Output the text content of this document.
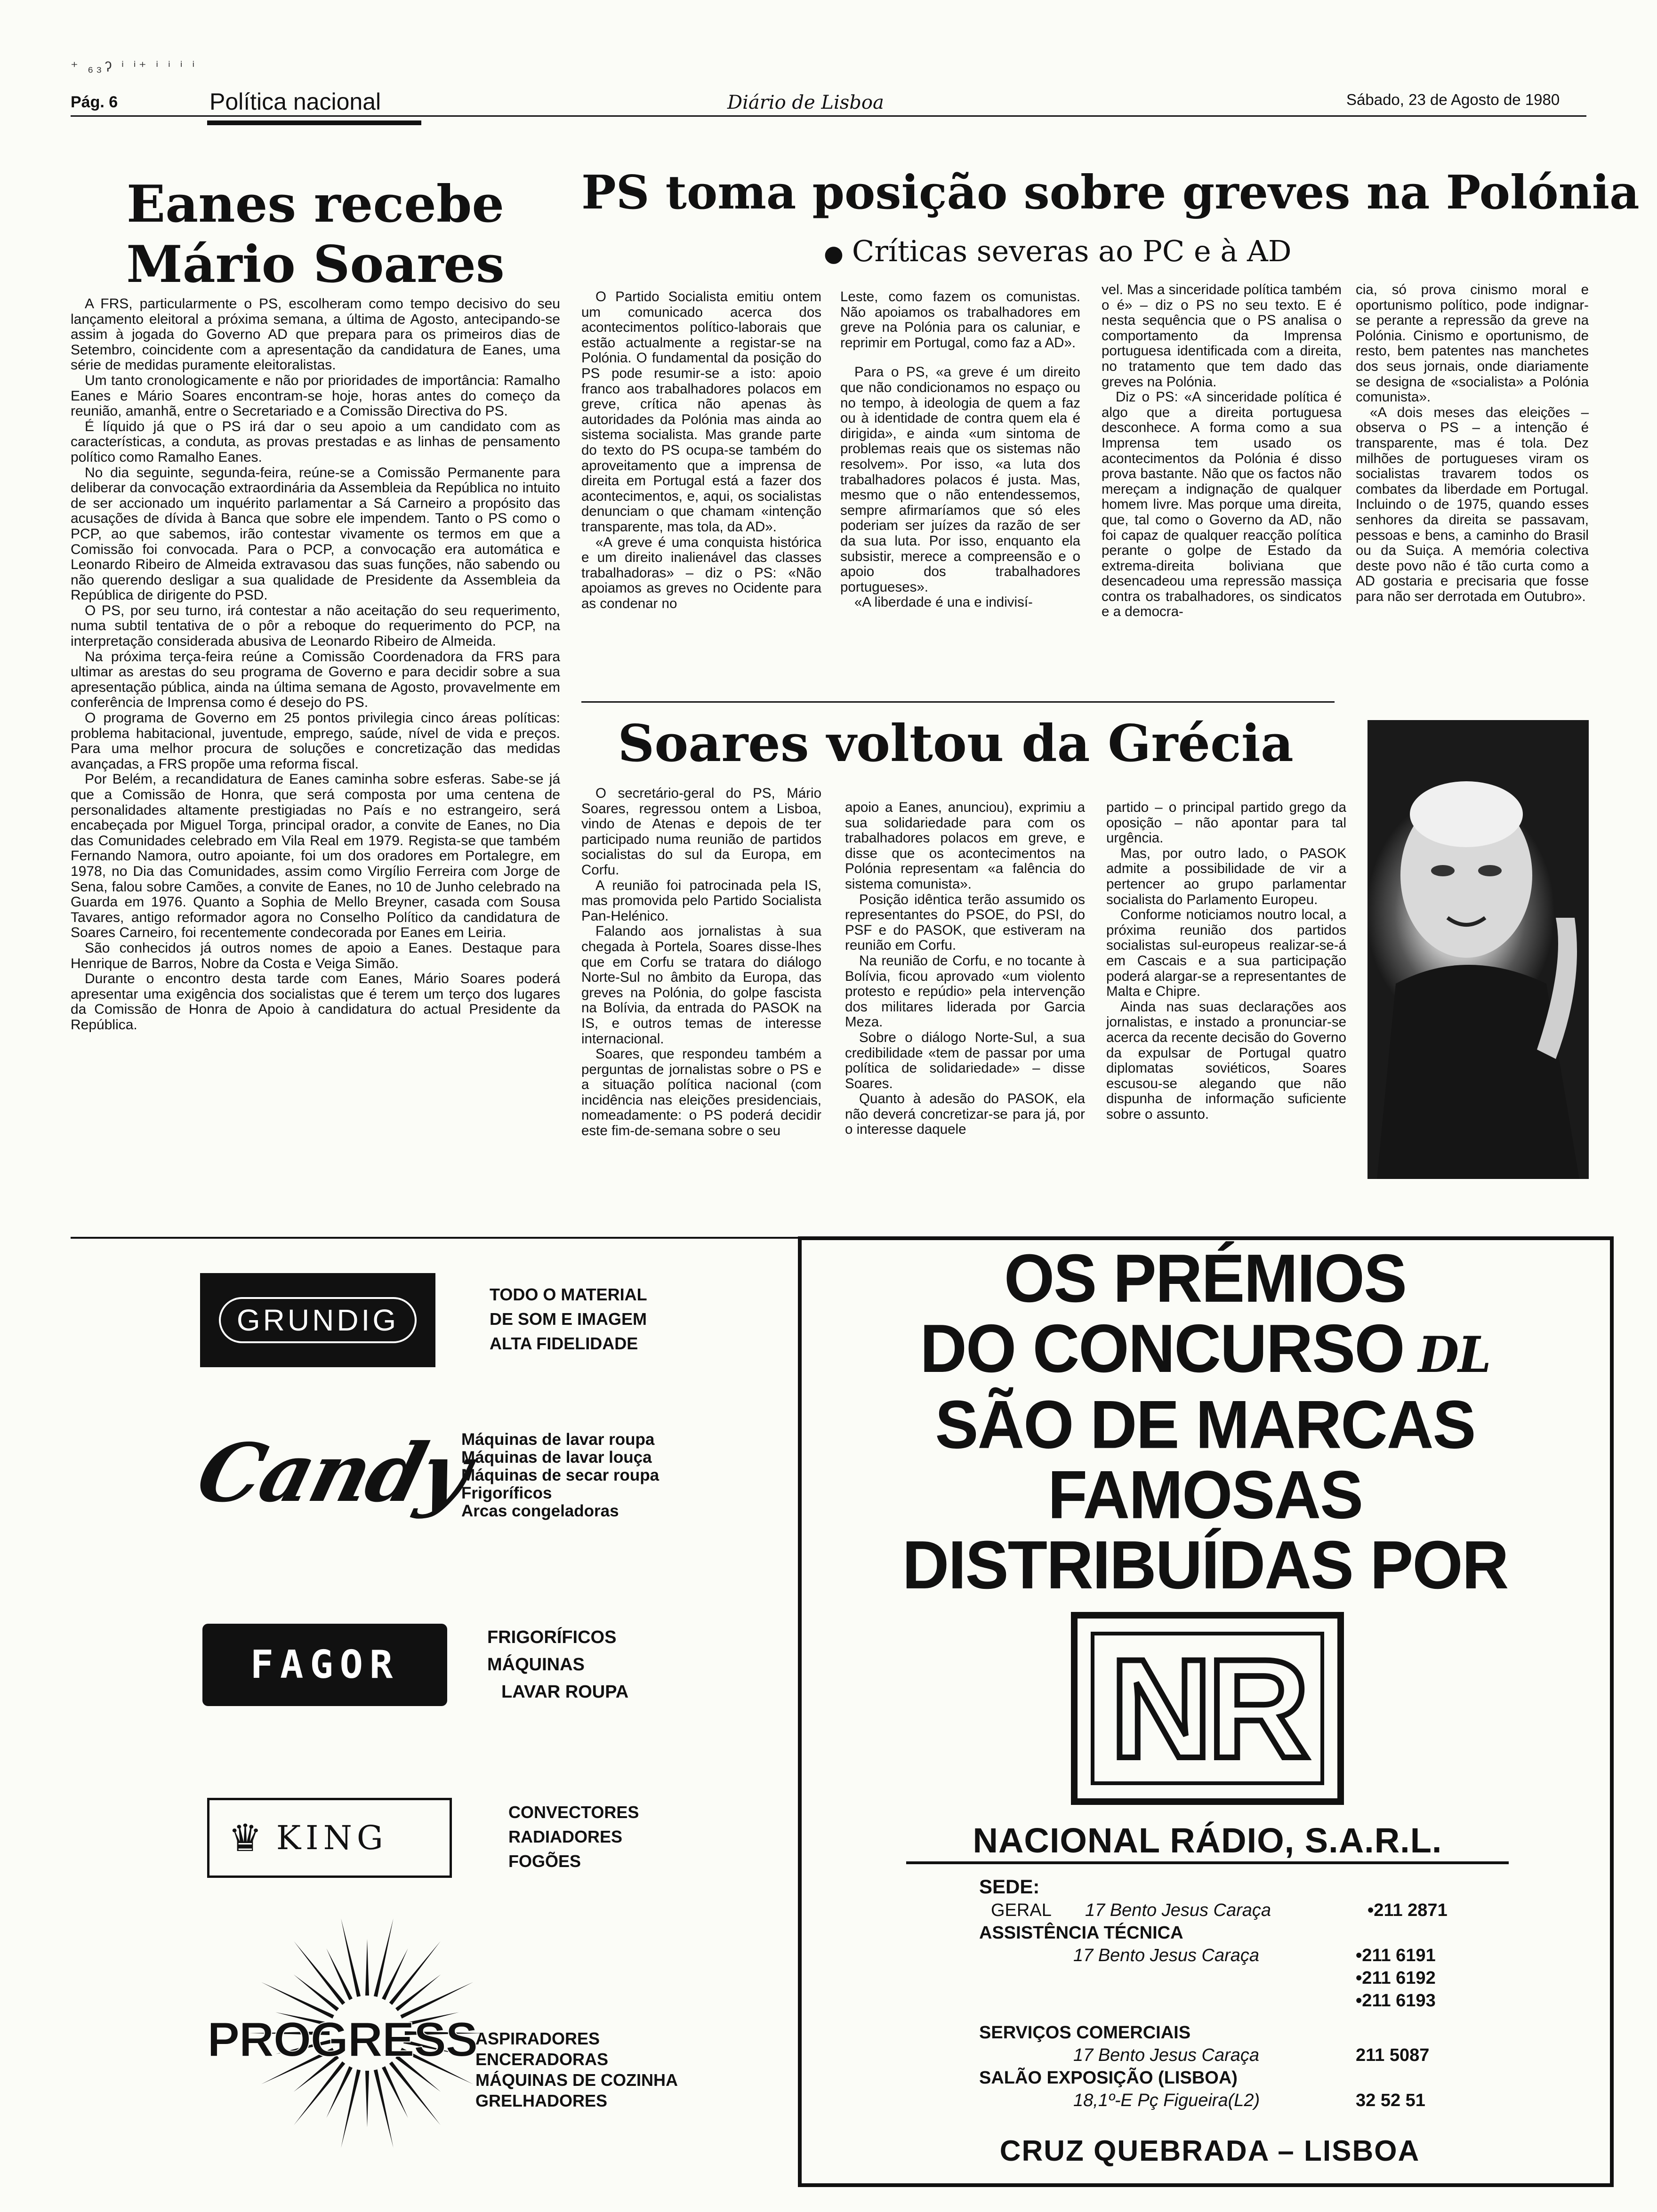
⁺ ₆₃ʔ ⁱ ⁱ⁺ ⁱ ⁱ ⁱ ⁱ
Pág. 6	Política nacional	Diário de Lisboa	Sábado, 23 de Agosto de 1980
Eanes recebe
Mário Soares

A FRS, particularmente o PS, escolheram como tempo decisivo do seu lançamento eleitoral a próxima semana, a última de Agosto, antecipando-se assim à jogada do Governo AD que prepara para os primeiros dias de Setembro, coincidente com a apresentação da candidatura de Eanes, uma série de medidas puramente eleitoralistas.

Um tanto cronologicamente e não por prioridades de importância: Ramalho Eanes e Mário Soares encontram-se hoje, horas antes do começo da reunião, amanhã, entre o Secretariado e a Comissão Directiva do PS.

É líquido já que o PS irá dar o seu apoio a um candidato com as características, a conduta, as provas prestadas e as linhas de pensamento político como Ramalho Eanes.

No dia seguinte, segunda-feira, reúne-se a Comissão Permanente para deliberar da convocação extraordinária da Assembleia da República no intuito de ser accionado um inquérito parlamentar a Sá Carneiro a propósito das acusações de dívida à Banca que sobre ele impendem. Tanto o PS como o PCP, ao que sabemos, irão contestar vivamente os termos em que a Comissão foi convocada. Para o PCP, a convocação era automática e Leonardo Ribeiro de Almeida extravasou das suas funções, não sabendo ou não querendo desligar a sua qualidade de Presidente da Assembleia da República de dirigente do PSD.

O PS, por seu turno, irá contestar a não aceitação do seu requerimento, numa subtil tentativa de o pôr a reboque do requerimento do PCP, na interpretação considerada abusiva de Leonardo Ribeiro de Almeida.

Na próxima terça-feira reúne a Comissão Coordenadora da FRS para ultimar as arestas do seu programa de Governo e para decidir sobre a sua apresentação pública, ainda na última semana de Agosto, provavelmente em conferência de Imprensa como é desejo do PS.

O programa de Governo em 25 pontos privilegia cinco áreas políticas: problema habitacional, juventude, emprego, saúde, nível de vida e preços. Para uma melhor procura de soluções e concretização das medidas avançadas, a FRS propõe uma reforma fiscal.

Por Belém, a recandidatura de Eanes caminha sobre esferas. Sabe-se já que a Comissão de Honra, que será composta por uma centena de personalidades altamente prestigiadas no País e no estrangeiro, será encabeçada por Miguel Torga, principal orador, a convite de Eanes, no Dia das Comunidades celebrado em Vila Real em 1979. Regista-se que também Fernando Namora, outro apoiante, foi um dos oradores em Portalegre, em 1978, no Dia das Comunidades, assim como Virgílio Ferreira com Jorge de Sena, falou sobre Camões, a convite de Eanes, no 10 de Junho celebrado na Guarda em 1976. Quanto a Sophia de Mello Breyner, casada com Sousa Tavares, antigo reformador agora no Conselho Político da candidatura de Soares Carneiro, foi recentemente condecorada por Eanes em Leiria.

São conhecidos já outros nomes de apoio a Eanes. Destaque para Henrique de Barros, Nobre da Costa e Veiga Simão.

Durante o encontro desta tarde com Eanes, Mário Soares poderá apresentar uma exigência dos socialistas que é terem um terço dos lugares da Comissão de Honra de Apoio à candidatura do actual Presidente da República.

PS toma posição sobre greves na Polónia
● Críticas severas ao PC e à AD

O Partido Socialista emitiu ontem um comunicado acerca dos acontecimentos político-laborais que estão actualmente a registar-se na Polónia. O fundamental da posição do PS pode resumir-se a isto: apoio franco aos trabalhadores polacos em greve, crítica não apenas às autoridades da Polónia mas ainda ao sistema socialista. Mas grande parte do texto do PS ocupa-se também do aproveitamento que a imprensa de direita em Portugal está a fazer dos acontecimentos, e, aqui, os socialistas denunciam o que chamam «intenção transparente, mas tola, da AD».

«A greve é uma conquista histórica e um direito inalienável das classes trabalhadoras» – diz o PS: «Não apoiamos as greves no Ocidente para as condenar no

Leste, como fazem os comunistas. Não apoiamos os trabalhadores em greve na Polónia para os caluniar, e reprimir em Portugal, como faz a AD».

Para o PS, «a greve é um direito que não condicionamos no espaço ou no tempo, à ideologia de quem a faz ou à identidade de contra quem ela é dirigida», e ainda «um sintoma de problemas reais que os sistemas não resolvem». Por isso, «a luta dos trabalhadores polacos é justa. Mas, mesmo que o não entendessemos, sempre afirmaríamos que só eles poderiam ser juízes da razão de ser da sua luta. Por isso, enquanto ela subsistir, merece a compreensão e o apoio dos trabalhadores portugueses».

«A liberdade é una e indivisí-

vel. Mas a sinceridade política também o é» – diz o PS no seu texto. E é nesta sequência que o PS analisa o comportamento da Imprensa portuguesa identificada com a direita, no tratamento que tem dado das greves na Polónia.

Diz o PS: «A sinceridade política é algo que a direita portuguesa desconhece. A forma como a sua Imprensa tem usado os acontecimentos da Polónia é disso prova bastante. Não que os factos não mereçam a indignação de qualquer homem livre. Mas porque uma direita, que, tal como o Governo da AD, não foi capaz de qualquer reacção política perante o golpe de Estado da extrema-direita boliviana que desencadeou uma repressão massiça contra os trabalhadores, os sindicatos e a democra-

cia, só prova cinismo moral e oportunismo político, pode indignar-se perante a repressão da greve na Polónia. Cinismo e oportunismo, de resto, bem patentes nas manchetes dos seus jornais, onde diariamente se designa de «socialista» a Polónia comunista».

«A dois meses das eleições – observa o PS – a intenção é transparente, mas é tola. Dez milhões de portugueses viram os socialistas travarem todos os combates da liberdade em Portugal. Incluindo o de 1975, quando esses senhores da direita se passavam, pessoas e bens, a caminho do Brasil ou da Suiça. A memória colectiva deste povo não é tão curta como a AD gostaria e precisaria que fosse para não ser derrotada em Outubro».

Soares voltou da Grécia

O secretário-geral do PS, Mário Soares, regressou ontem a Lisboa, vindo de Atenas e depois de ter participado numa reunião de partidos socialistas do sul da Europa, em Corfu.

A reunião foi patrocinada pela IS, mas promovida pelo Partido Socialista Pan-Helénico.

Falando aos jornalistas à sua chegada à Portela, Soares disse-lhes que em Corfu se tratara do diálogo Norte-Sul no âmbito da Europa, das greves na Polónia, do golpe fascista na Bolívia, da entrada do PASOK na IS, e outros temas de interesse internacional.

Soares, que respondeu também a perguntas de jornalistas sobre o PS e a situação política nacional (com incidência nas eleições presidenciais, nomeadamente: o PS poderá decidir este fim-de-semana sobre o seu

apoio a Eanes, anunciou), exprimiu a sua solidariedade para com os trabalhadores polacos em greve, e disse que os acontecimentos na Polónia representam «a falência do sistema comunista».

Posição idêntica terão assumido os representantes do PSOE, do PSI, do PSF e do PASOK, que estiveram na reunião em Corfu.

Na reunião de Corfu, e no tocante à Bolívia, ficou aprovado «um violento protesto e repúdio» pela intervenção dos militares liderada por Garcia Meza.

Sobre o diálogo Norte-Sul, a sua credibilidade «tem de passar por uma política de solidariedade» – disse Soares.

Quanto à adesão do PASOK, ela não deverá concretizar-se para já, por o interesse daquele

partido – o principal partido grego da oposição – não apontar para tal urgência.

Mas, por outro lado, o PASOK admite a possibilidade de vir a pertencer ao grupo parlamentar socialista do Parlamento Europeu.

Conforme noticiamos noutro local, a próxima reunião dos partidos socialistas sul-europeus realizar-se-á em Cascais e a sua participação poderá alargar-se a representantes de Malta e Chipre.

Ainda nas suas declarações aos jornalistas, e instado a pronunciar-se acerca da recente decisão do Governo da expulsar de Portugal quatro diplomatas soviéticos, Soares escusou-se alegando que não dispunha de informação suficiente sobre o assunto.

GRUNDIG
TODO O MATERIAL
DE SOM E IMAGEM
ALTA FIDELIDADE
Candy
Máquinas de lavar roupa
Máquinas de lavar louça
Máquinas de secar roupa
Frigoríficos
Arcas congeladoras
FAGOR
FRIGORÍFICOS
MÁQUINAS
LAVAR ROUPA
♛ KING
CONVECTORES
RADIADORES
FOGÕES
PROGRESS
ASPIRADORES
ENCERADORAS
MÁQUINAS DE COZINHA
GRELHADORES
OS PRÉMIOS
DO CONCURSO DL
SÃO DE MARCAS
FAMOSAS
DISTRIBUÍDAS POR
NR
NACIONAL RÁDIO, S.A.R.L.
SEDE:
GERAL	17 Bento Jesus Caraça	•211 2871
ASSISTÊNCIA TÉCNICA
17 Bento Jesus Caraça	•211 6191
•211 6192
•211 6193
SERVIÇOS COMERCIAIS
17 Bento Jesus Caraça	211 5087
SALÃO EXPOSIÇÃO (LISBOA)
18,1º-E Pç Figueira(L2)	32 52 51
CRUZ QUEBRADA – LISBOA
